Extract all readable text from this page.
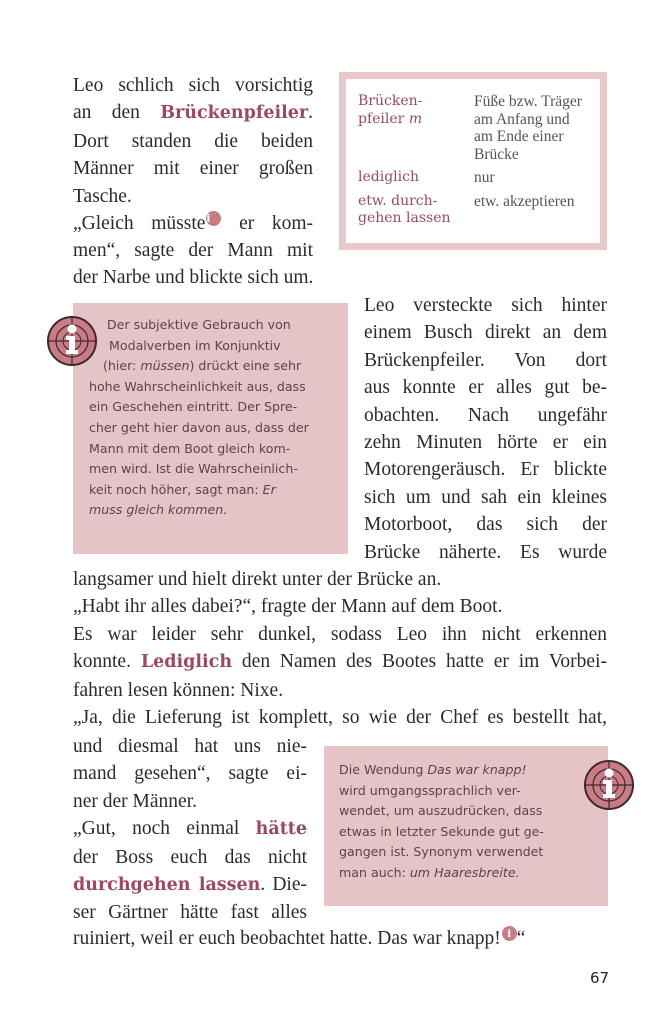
Leo schlich sich vorsichtig
an den Brückenpfeiler.
Dort standen die beiden
Männer mit einer großen
Tasche.
„Gleich müsstei er kom-
men“, sagte der Mann mit
der Narbe und blickte sich um.
Brücken-
pfeiler m	Füße bzw. Träger
am Anfang und
am Ende einer
Brücke
lediglich	nur
etw. durch-
gehen lassen	etw. akzeptieren
Der subjektive Gebrauch von
Modalverben im Konjunktiv
(hier: müssen) drückt eine sehr
hohe Wahrscheinlichkeit aus, dass
ein Geschehen eintritt. Der Spre-
cher geht hier davon aus, dass der
Mann mit dem Boot gleich kom-
men wird. Ist die Wahrscheinlich-
keit noch höher, sagt man: Er
muss gleich kommen.
Leo versteckte sich hinter
einem Busch direkt an dem
Brückenpfeiler. Von dort
aus konnte er alles gut be-
obachten. Nach ungefähr
zehn Minuten hörte er ein
Motorengeräusch. Er blickte
sich um und sah ein kleines
Motorboot, das sich der
Brücke näherte. Es wurde
langsamer und hielt direkt unter der Brücke an.
„Habt ihr alles dabei?“, fragte der Mann auf dem Boot.
Es war leider sehr dunkel, sodass Leo ihn nicht erkennen
konnte. Lediglich den Namen des Bootes hatte er im Vorbei-
fahren lesen können: Nixe.
„Ja, die Lieferung ist komplett, so wie der Chef es bestellt hat,
und diesmal hat uns nie-
mand gesehen“, sagte ei-
ner der Männer.
„Gut, noch einmal hätte
der Boss euch das nicht
durchgehen lassen. Die-
ser Gärtner hätte fast alles
ruiniert, weil er euch beobachtet hatte. Das war knapp! i “
Die Wendung Das war knapp!
wird umgangssprachlich ver-
wendet, um auszudrücken, dass
etwas in letzter Sekunde gut ge-
gangen ist. Synonym verwendet
man auch: um Haaresbreite.
67
